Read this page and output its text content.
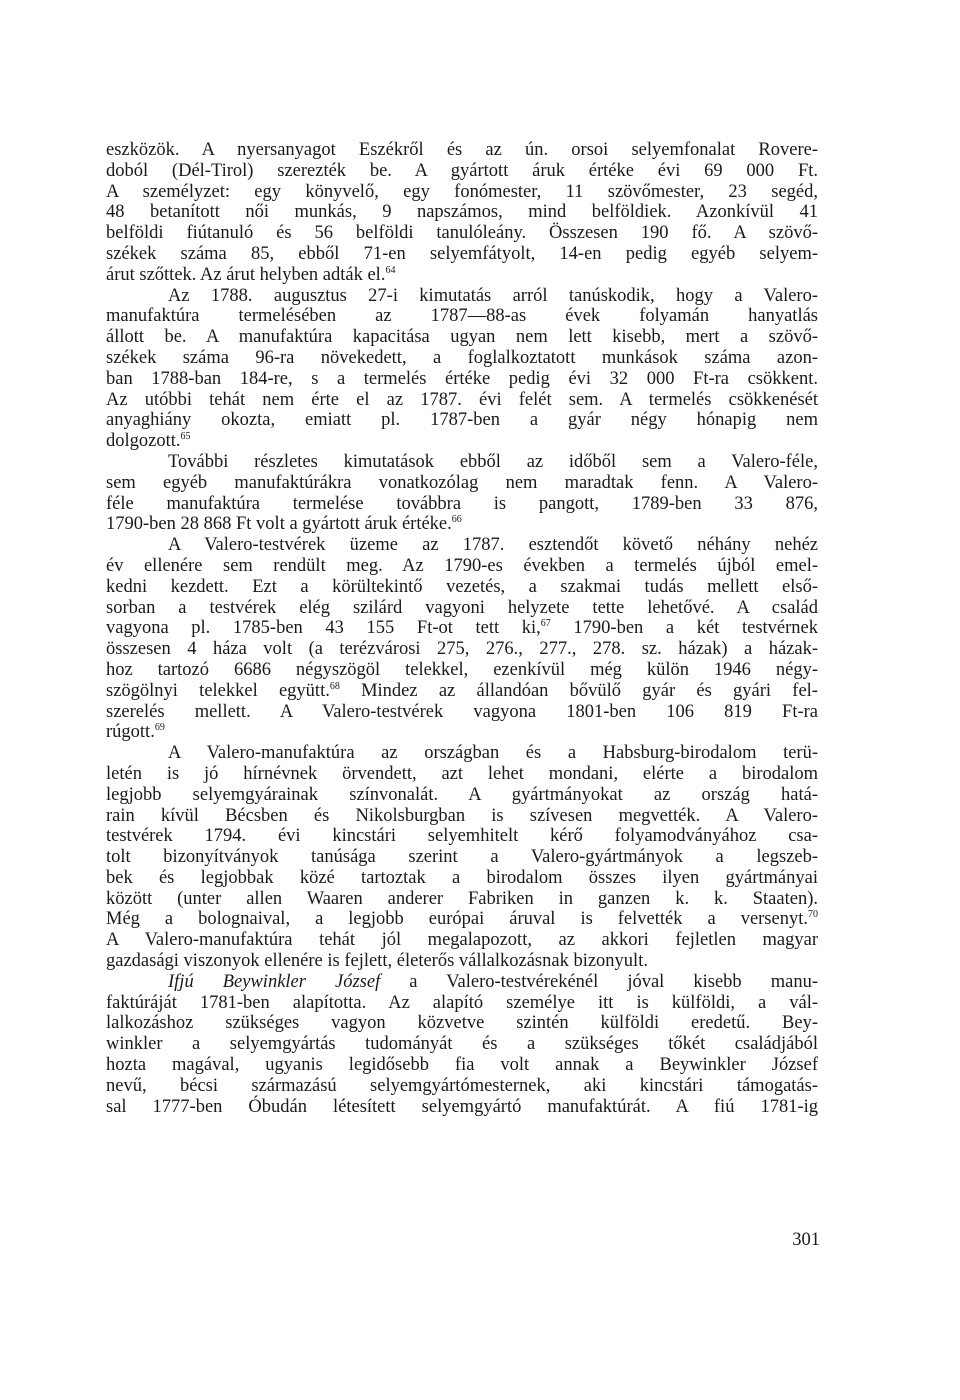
eszközök. A nyersanyagot Eszékről és az ún. orsoi selyemfonalat Rovere-
doból (Dél-Tirol) szerezték be. A gyártott áruk értéke évi 69 000 Ft.
A személyzet: egy könyvelő, egy fonómester, 11 szövőmester, 23 segéd,
48 betanított női munkás, 9 napszámos, mind belföldiek. Azonkívül 41
belföldi fiútanuló és 56 belföldi tanulóleány. Összesen 190 fő. A szövő-
székek száma 85, ebből 71-en selyemfátyolt, 14-en pedig egyéb selyem-
árut szőttek. Az árut helyben adták el.$^{64}$
Az 1788. augusztus 27-i kimutatás arról tanúskodik, hogy a Valero-
manufaktúra termelésében az 1787—88-as évek folyamán hanyatlás
állott be. A manufaktúra kapacitása ugyan nem lett kisebb, mert a szövő-
székek száma 96-ra növekedett, a foglalkoztatott munkások száma azon-
ban 1788-ban 184-re, s a termelés értéke pedig évi 32 000 Ft-ra csökkent.
Az utóbbi tehát nem érte el az 1787. évi felét sem. A termelés csökkenését
anyaghiány okozta, emiatt pl. 1787-ben a gyár négy hónapig nem
dolgozott.$^{65}$
További részletes kimutatások ebből az időből sem a Valero-féle,
sem egyéb manufaktúrákra vonatkozólag nem maradtak fenn. A Valero-
féle manufaktúra termelése továbbra is pangott, 1789-ben 33 876,
1790-ben 28 868 Ft volt a gyártott áruk értéke.$^{66}$
A Valero-testvérek üzeme az 1787. esztendőt követő néhány nehéz
év ellenére sem rendült meg. Az 1790-es években a termelés újból emel-
kedni kezdett. Ezt a körültekintő vezetés, a szakmai tudás mellett első-
sorban a testvérek elég szilárd vagyoni helyzete tette lehetővé. A család
vagyona pl. 1785-ben 43 155 Ft-ot tett ki,$^{67}$ 1790-ben a két testvérnek
összesen 4 háza volt (a terézvárosi 275, 276., 277., 278. sz. házak) a házak-
hoz tartozó 6686 négyszögöl telekkel, ezenkívül még külön 1946 négy-
szögölnyi telekkel együtt.$^{68}$ Mindez az állandóan bővülő gyár és gyári fel-
szerelés mellett. A Valero-testvérek vagyona 1801-ben 106 819 Ft-ra
rúgott.$^{69}$
A Valero-manufaktúra az országban és a Habsburg-birodalom terü-
letén is jó hírnévnek örvendett, azt lehet mondani, elérte a birodalom
legjobb selyemgyárainak színvonalát. A gyártmányokat az ország hatá-
rain kívül Bécsben és Nikolsburgban is szívesen megvették. A Valero-
testvérek 1794. évi kincstári selyemhitelt kérő folyamodványához csa-
tolt bizonyítványok tanúsága szerint a Valero-gyártmányok a legszeb-
bek és legjobbak közé tartoztak a birodalom összes ilyen gyártmányai
között (unter allen Waaren anderer Fabriken in ganzen k. k. Staaten).
Még a bolognaival, a legjobb európai áruval is felvették a versenyt.$^{70}$
A Valero-manufaktúra tehát jól megalapozott, az akkori fejletlen magyar
gazdasági viszonyok ellenére is fejlett, életerős vállalkozásnak bizonyult.
Ifjú Beywinkler József a Valero-testvérekénél jóval kisebb manu-
faktúráját 1781-ben alapította. Az alapító személye itt is külföldi, a vál-
lalkozáshoz szükséges vagyon közvetve szintén külföldi eredetű. Bey-
winkler a selyemgyártás tudományát és a szükséges tőkét családjából
hozta magával, ugyanis legidősebb fia volt annak a Beywinkler József
nevű, bécsi származású selyemgyártómesternek, aki kincstári támogatás-
sal 1777-ben Óbudán létesített selyemgyártó manufaktúrát. A fiú 1781-ig
301
